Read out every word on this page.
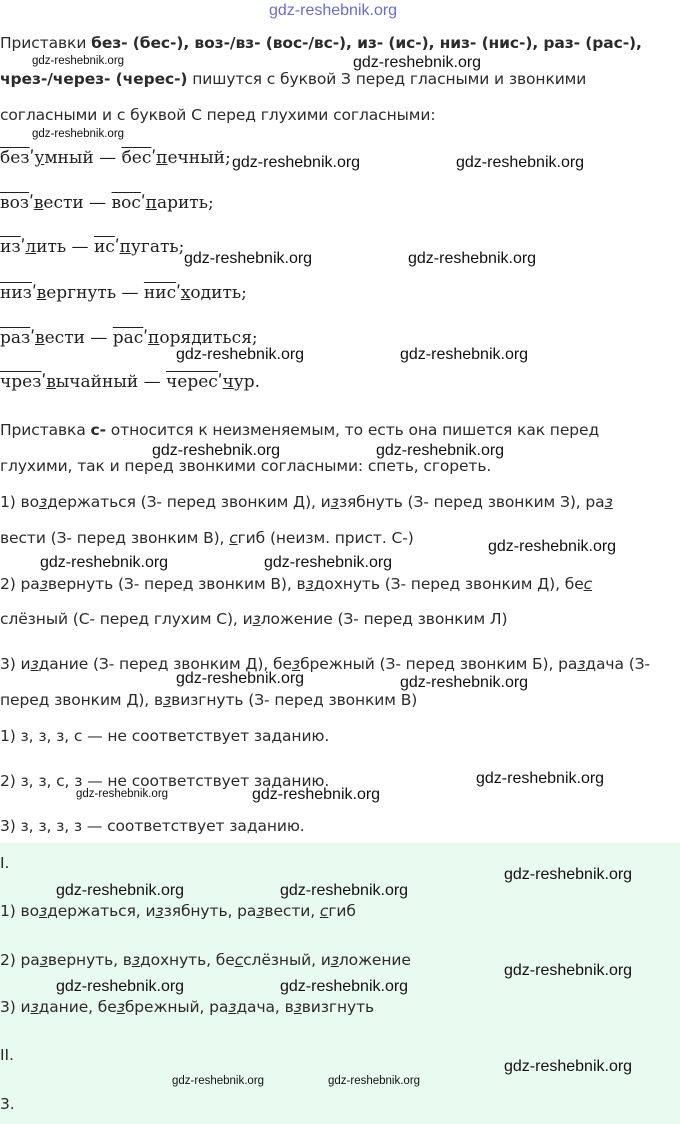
gdz-reshebnik.org
Приставки без- (бес-), воз-/вз- (вос-/вс-), из- (ис-), низ- (нис-), раз- (рас-),
чрез-/через- (черес-) пишутся с буквой З перед гласными и звонкими
согласными и с буквой С перед глухими согласными:
безʹумный — бесʹпечный;
возʹвести — восʹпарить;
изʹлить — исʹпугать;
низʹвергнуть — нисʹходить;
разʹвести — расʹпорядиться;
чрезʹвычайный — чересʹчур.
Приставка с- относится к неизменяемым, то есть она пишется как перед
глухими, так и перед звонкими согласными: спеть, сгореть.
1) воздержаться (З- перед звонким Д), иззябнуть (З- перед звонким З), раз
вести (З- перед звонким В), сгиб (неизм. прист. С-)
2) развернуть (З- перед звонким В), вздохнуть (З- перед звонким Д), бес
слёзный (С- перед глухим С), изложение (З- перед звонким Л)
3) издание (З- перед звонким Д), безбрежный (З- перед звонким Б), раздача (З-
перед звонким Д), взвизгнуть (З- перед звонким В)
1) з, з, з, с — не соответствует заданию.
2) з, з, с, з — не соответствует заданию.
3) з, з, з, з — соответствует заданию.
I.
1) воздержаться, иззябнуть, развести, сгиб
2) развернуть, вздохнуть, бесслёзный, изложение
3) издание, безбрежный, раздача, взвизгнуть
II.
3.
gdz-reshebnik.org	gdz-reshebnik.org
gdz-reshebnik.org
gdz-reshebnik.org	gdz-reshebnik.org
gdz-reshebnik.org	gdz-reshebnik.org
gdz-reshebnik.org	gdz-reshebnik.org
gdz-reshebnik.org	gdz-reshebnik.org
gdz-reshebnik.org
gdz-reshebnik.org	gdz-reshebnik.org
gdz-reshebnik.org	gdz-reshebnik.org
gdz-reshebnik.org
gdz-reshebnik.org	gdz-reshebnik.org
gdz-reshebnik.org
gdz-reshebnik.org	gdz-reshebnik.org
gdz-reshebnik.org
gdz-reshebnik.org	gdz-reshebnik.org
gdz-reshebnik.org
gdz-reshebnik.org	gdz-reshebnik.org
